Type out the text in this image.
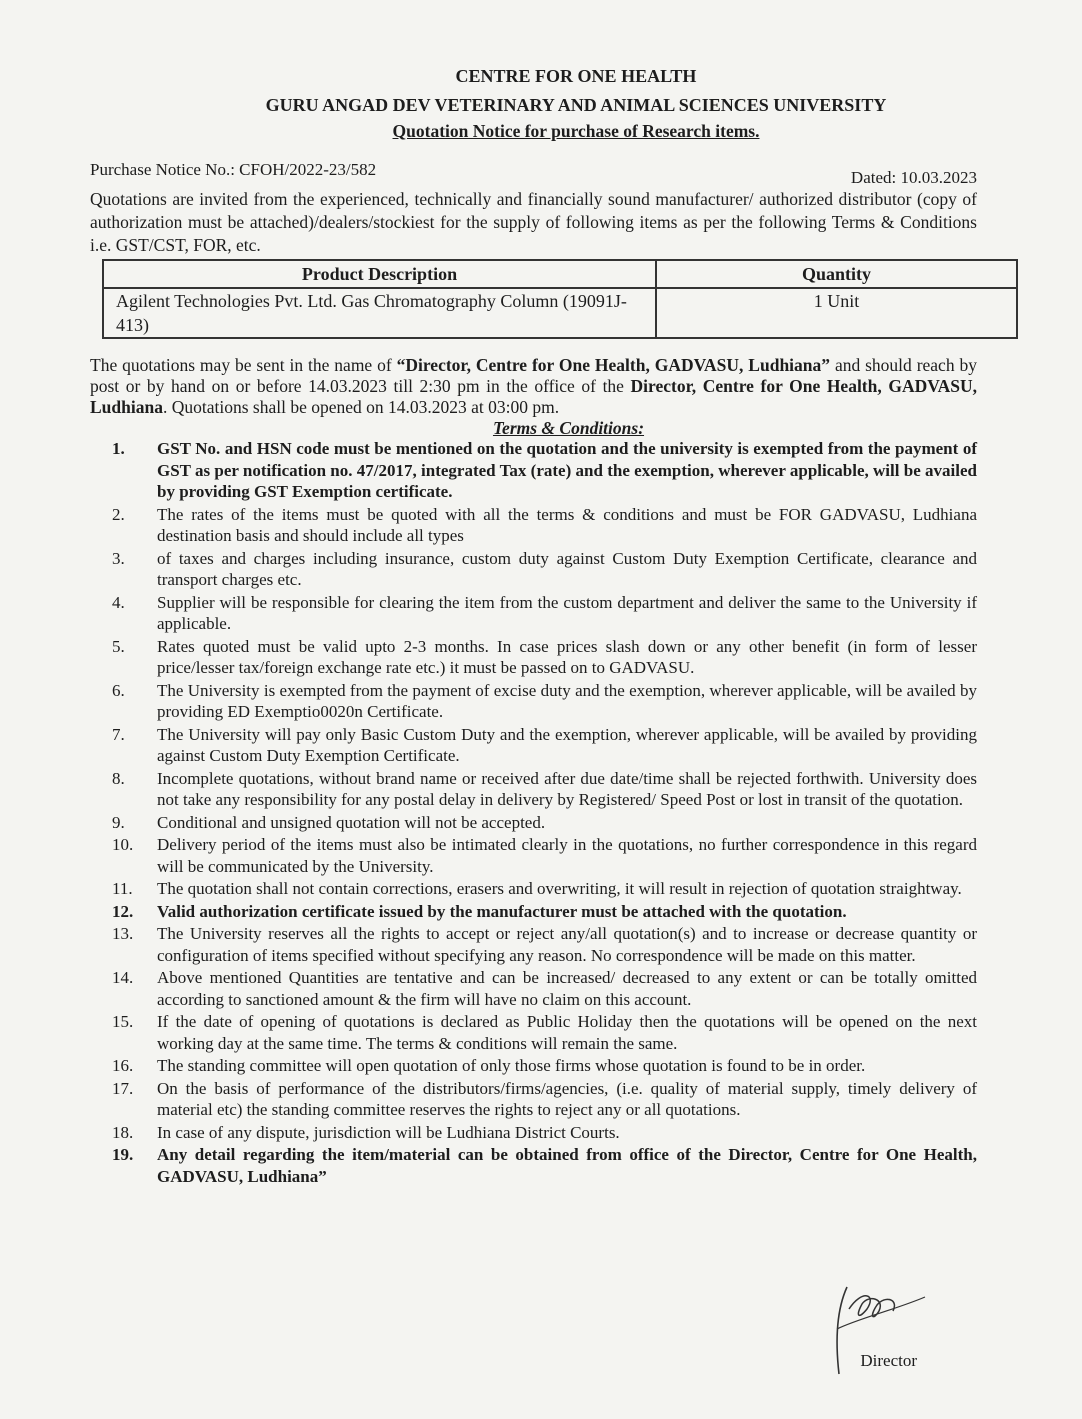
CENTRE FOR ONE HEALTH
GURU ANGAD DEV VETERINARY AND ANIMAL SCIENCES UNIVERSITY
Quotation Notice for purchase of Research items.
Purchase Notice No.: CFOH/2022-23/582	Dated: 10.03.2023
Quotations are invited from the experienced, technically and financially sound manufacturer/ authorized distributor (copy of authorization must be attached)/dealers/stockiest for the supply of following items as per the following Terms & Conditions i.e. GST/CST, FOR, etc.
Product Description	Quantity
Agilent Technologies Pvt. Ltd. Gas Chromatography Column (19091J-413)	1 Unit
The quotations may be sent in the name of “Director, Centre for One Health, GADVASU, Ludhiana” and should reach by post or by hand on or before 14.03.2023 till 2:30 pm in the office of the Director, Centre for One Health, GADVASU, Ludhiana. Quotations shall be opened on 14.03.2023 at 03:00 pm.
Terms & Conditions:
1.	GST No. and HSN code must be mentioned on the quotation and the university is exempted from the payment of GST as per notification no. 47/2017, integrated Tax (rate) and the exemption, wherever applicable, will be availed by providing GST Exemption certificate.
2.	The rates of the items must be quoted with all the terms & conditions and must be FOR GADVASU, Ludhiana destination basis and should include all types
3.	of taxes and charges including insurance, custom duty against Custom Duty Exemption Certificate, clearance and transport charges etc.
4.	Supplier will be responsible for clearing the item from the custom department and deliver the same to the University if applicable.
5.	Rates quoted must be valid upto 2-3 months. In case prices slash down or any other benefit (in form of lesser price/lesser tax/foreign exchange rate etc.) it must be passed on to GADVASU.
6.	The University is exempted from the payment of excise duty and the exemption, wherever applicable, will be availed by providing ED Exemptio0020n Certificate.
7.	The University will pay only Basic Custom Duty and the exemption, wherever applicable, will be availed by providing against Custom Duty Exemption Certificate.
8.	Incomplete quotations, without brand name or received after due date/time shall be rejected forthwith. University does not take any responsibility for any postal delay in delivery by Registered/ Speed Post or lost in transit of the quotation.
9.	Conditional and unsigned quotation will not be accepted.
10.	Delivery period of the items must also be intimated clearly in the quotations, no further correspondence in this regard will be communicated by the University.
11.	The quotation shall not contain corrections, erasers and overwriting, it will result in rejection of quotation straightway.
12.	Valid authorization certificate issued by the manufacturer must be attached with the quotation.
13.	The University reserves all the rights to accept or reject any/all quotation(s) and to increase or decrease quantity or configuration of items specified without specifying any reason. No correspondence will be made on this matter.
14.	Above mentioned Quantities are tentative and can be increased/ decreased to any extent or can be totally omitted according to sanctioned amount & the firm will have no claim on this account.
15.	If the date of opening of quotations is declared as Public Holiday then the quotations will be opened on the next working day at the same time. The terms & conditions will remain the same.
16.	The standing committee will open quotation of only those firms whose quotation is found to be in order.
17.	On the basis of performance of the distributors/firms/agencies, (i.e. quality of material supply, timely delivery of material etc) the standing committee reserves the rights to reject any or all quotations.
18.	In case of any dispute, jurisdiction will be Ludhiana District Courts.
19.	Any detail regarding the item/material can be obtained from office of the Director, Centre for One Health, GADVASU, Ludhiana”
Director
